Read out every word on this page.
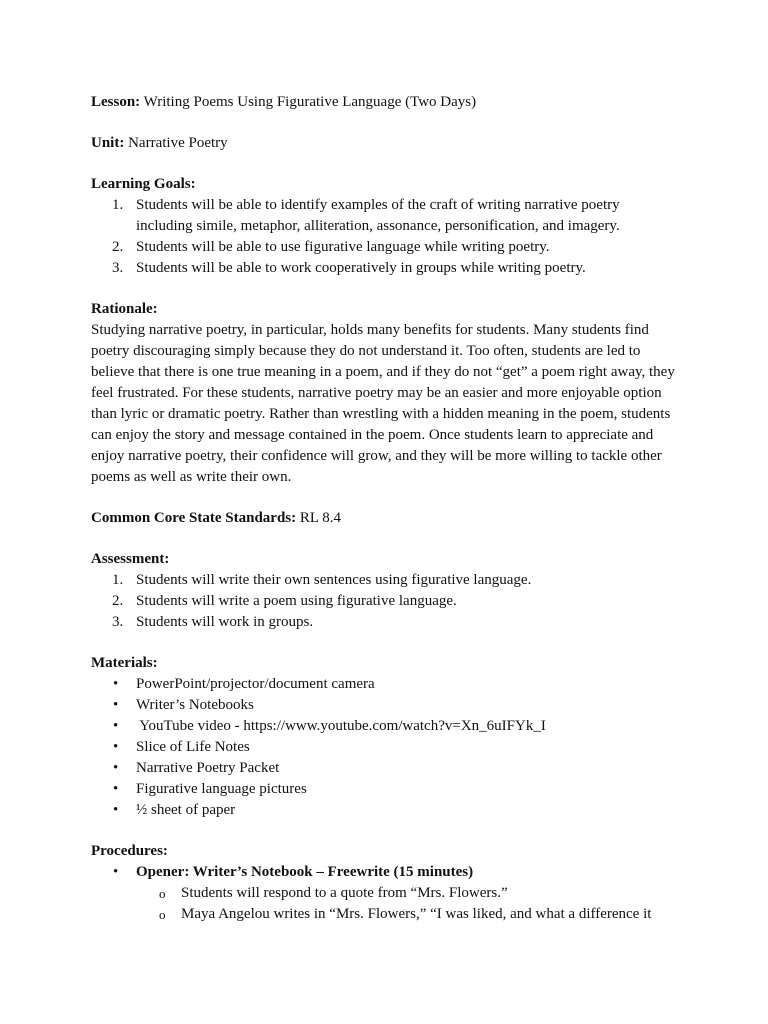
Lesson: Writing Poems Using Figurative Language (Two Days)

Unit: Narrative Poetry

Learning Goals:

1. Students will be able to identify examples of the craft of writing narrative poetry
including simile, metaphor, alliteration, assonance, personification, and imagery.
2. Students will be able to use figurative language while writing poetry.
3. Students will be able to work cooperatively in groups while writing poetry.

Rationale:

Studying narrative poetry, in particular, holds many benefits for students. Many students find
poetry discouraging simply because they do not understand it. Too often, students are led to
believe that there is one true meaning in a poem, and if they do not “get” a poem right away, they
feel frustrated. For these students, narrative poetry may be an easier and more enjoyable option
than lyric or dramatic poetry. Rather than wrestling with a hidden meaning in the poem, students
can enjoy the story and message contained in the poem. Once students learn to appreciate and
enjoy narrative poetry, their confidence will grow, and they will be more willing to tackle other
poems as well as write their own.

Common Core State Standards: RL 8.4

Assessment:

1. Students will write their own sentences using figurative language.
2. Students will write a poem using figurative language.
3. Students will work in groups.

Materials:

• PowerPoint/projector/document camera

• Writer’s Notebooks

• YouTube video - https://www.youtube.com/watch?v=Xn_6uIFYk_I

• Slice of Life Notes

• Narrative Poetry Packet

• Figurative language pictures

• ½ sheet of paper

Procedures:

• Opener: Writer’s Notebook – Freewrite (15 minutes)

o Students will respond to a quote from “Mrs. Flowers.”

o Maya Angelou writes in “Mrs. Flowers,” “I was liked, and what a difference it
